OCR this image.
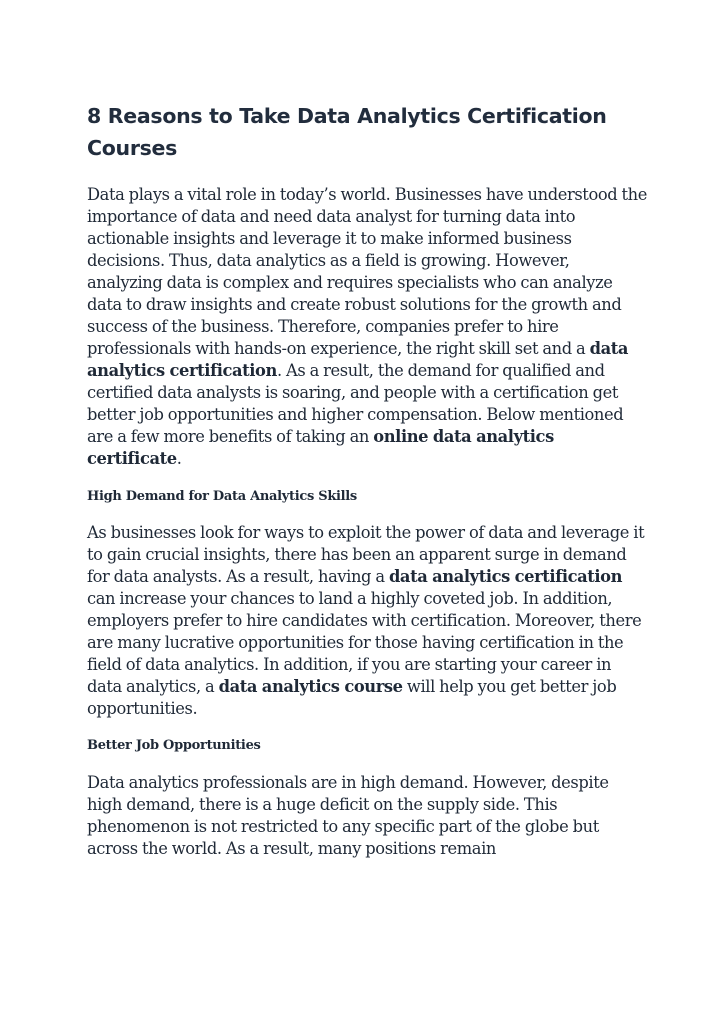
8 Reasons to Take Data Analytics Certification Courses

Data plays a vital role in today’s world. Businesses have understood the importance of data and need data analyst for turning data into actionable insights and leverage it to make informed business decisions. Thus, data analytics as a field is growing. However, analyzing data is complex and requires specialists who can analyze data to draw insights and create robust solutions for the growth and success of the business. Therefore, companies prefer to hire professionals with hands-on experience, the right skill set and a data analytics certification. As a result, the demand for qualified and certified data analysts is soaring, and people with a certification get better job opportunities and higher compensation. Below mentioned are a few more benefits of taking an online data analytics certificate.

High Demand for Data Analytics Skills

As businesses look for ways to exploit the power of data and leverage it to gain crucial insights, there has been an apparent surge in demand for data analysts. As a result, having a data analytics certification can increase your chances to land a highly coveted job. In addition, employers prefer to hire candidates with certification. Moreover, there are many lucrative opportunities for those having certification in the field of data analytics. In addition, if you are starting your career in data analytics, a data analytics course will help you get better job opportunities.

Better Job Opportunities

Data analytics professionals are in high demand. However, despite high demand, there is a huge deficit on the supply side. This phenomenon is not restricted to any specific part of the globe but across the world. As a result, many positions remain
